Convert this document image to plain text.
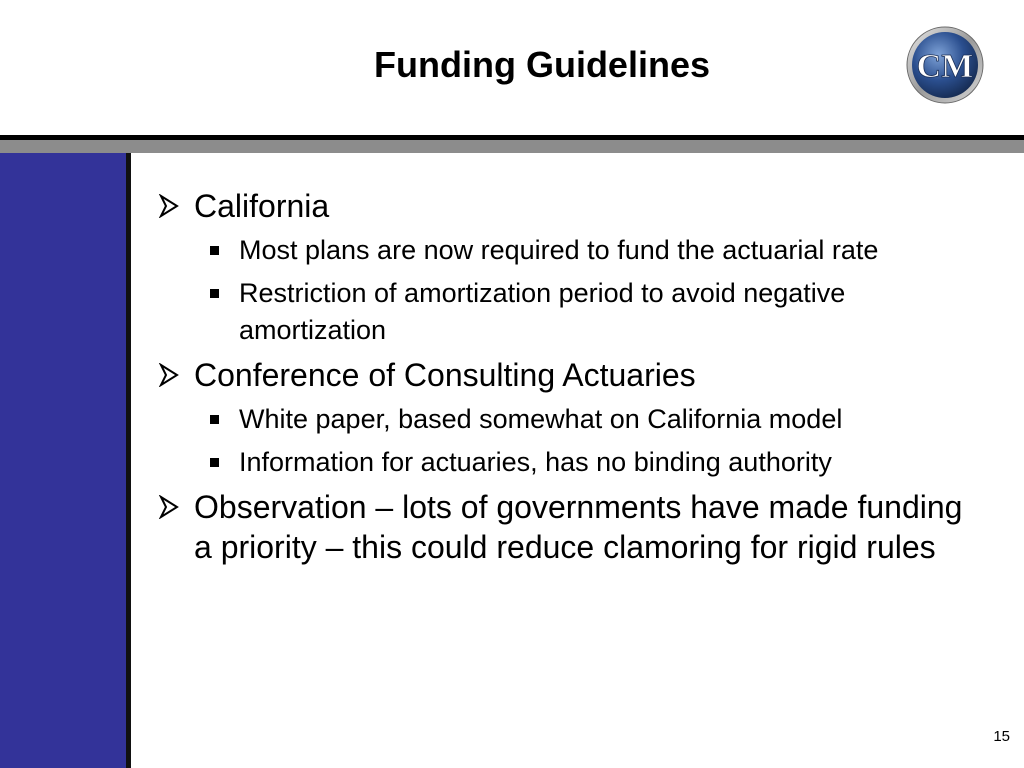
Funding Guidelines	CM
California
Most plans are now required to fund the actuarial rate
Restriction of amortization period to avoid negative amortization
Conference of Consulting Actuaries
White paper, based somewhat on California model
Information for actuaries, has no binding authority
Observation – lots of governments have made funding a priority – this could reduce clamoring for rigid rules
15
